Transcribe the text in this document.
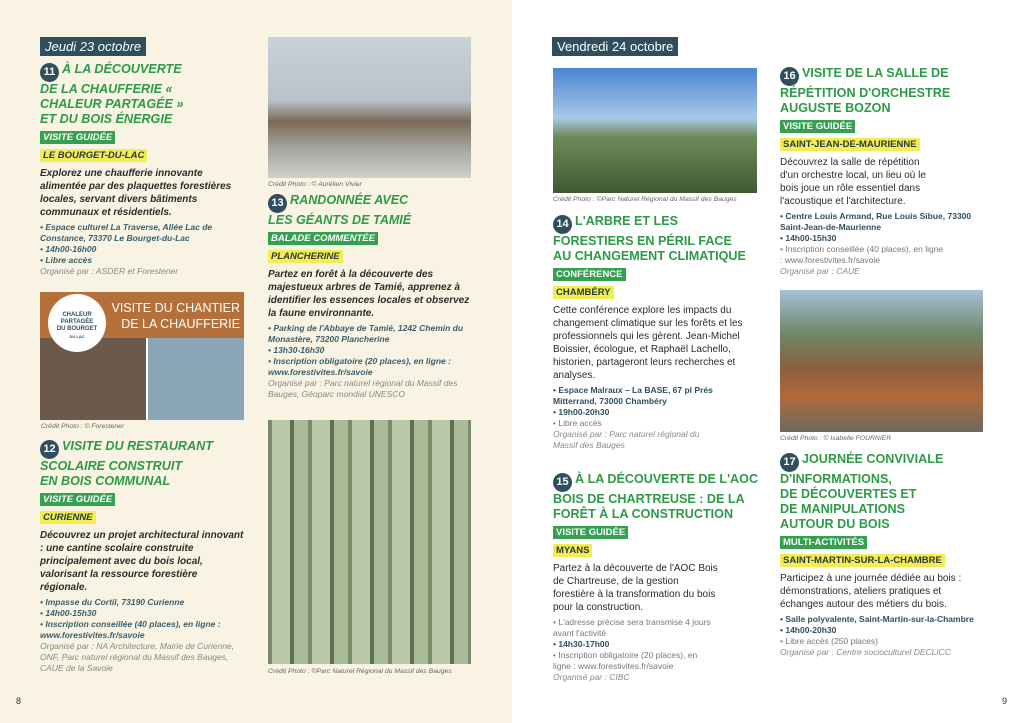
Jeudi 23 octobre
11 À LA DÉCOUVERTE
DE LA CHAUFFERIE «
CHALEUR PARTAGÉE »
ET DU BOIS ÉNERGIE
VISITE GUIDÉE
LE BOURGET-DU-LAC
Explorez une chaufferie innovante alimentée par des plaquettes forestières locales, servant divers bâtiments communaux et résidentiels.
• Espace culturel La Traverse, Allée Lac de Constance, 73370 Le Bourget-du-Lac
• 14h00-16h00
• Libre accès
Organisé par : ASDER et Forestener
CHALEUR
PARTAGÉE
DU BOURGET
DU LAC
VISITE DU CHANTIER DE LA CHAUFFERIE
Crédit Photo : © Forestener
12 VISITE DU RESTAURANT
SCOLAIRE CONSTRUIT
EN BOIS COMMUNAL
VISITE GUIDÉE
CURIENNE
Découvrez un projet architectural innovant : une cantine scolaire construite principalement avec du bois local, valorisant la ressource forestière régionale.
• Impasse du Cortil, 73190 Curienne
• 14h00-15h30
• Inscription conseillée (40 places), en ligne : www.forestivites.fr/savoie
Organisé par : NA Architecture, Mairie de Curienne, ONF, Parc naturel régional du Massif des Bauges, CAUE de la Savoie
Crédit Photo : © Aurélien Vivier
13 RANDONNÉE AVEC
LES GÉANTS DE TAMIÉ
BALADE COMMENTÉE
PLANCHERINE
Partez en forêt à la découverte des majestueux arbres de Tamié, apprenez à identifier les essences locales et observez la faune environnante.
• Parking de l'Abbaye de Tamié, 1242 Chemin du Monastère, 73200 Plancherine
• 13h30-16h30
• Inscription obligatoire (20 places), en ligne : www.forestivites.fr/savoie
Organisé par : Parc naturel régional du Massif des Bauges, Géoparc mondial UNESCO
Crédit Photo : ©Parc Naturel Régional du Massif des Bauges
8
Vendredi 24 octobre
Crédit Photo : ©Parc Naturel Régional du Massif des Bauges
14 L'ARBRE ET LES
FORESTIERS EN PÉRIL FACE
AU CHANGEMENT CLIMATIQUE
CONFÉRENCE
CHAMBÉRY
Cette conférence explore les impacts du changement climatique sur les forêts et les professionnels qui les gèrent. Jean-Michel Boissier, écologue, et Raphaël Lachello, historien, partageront leurs recherches et analyses.
• Espace Malraux – La BASE, 67 pl Prés Mitterrand, 73000 Chambéry
• 19h00-20h30
• Libre accès
Organisé par : Parc naturel régional du Massif des Bauges
15 À LA DÉCOUVERTE DE L'AOC
BOIS DE CHARTREUSE : DE LA
FORÊT À LA CONSTRUCTION
VISITE GUIDÉE
MYANS
Partez à la découverte de l'AOC Bois de Chartreuse, de la gestion forestière à la transformation du bois pour la construction.
• L'adresse précise sera transmise 4 jours avant l'activité
• 14h30-17h00
• Inscription obligatoire (20 places), en ligne : www.forestivites.fr/savoie
Organisé par : CIBC
16 VISITE DE LA SALLE DE
RÉPÉTITION D'ORCHESTRE
AUGUSTE BOZON
VISITE GUIDÉE
SAINT-JEAN-DE-MAURIENNE
Découvrez la salle de répétition d'un orchestre local, un lieu où le bois joue un rôle essentiel dans l'acoustique et l'architecture.
• Centre Louis Armand, Rue Louis Sibue, 73300 Saint-Jean-de-Maurienne
• 14h00-15h30
• Inscription conseillée (40 places), en ligne : www.forestivites.fr/savoie
Organisé par : CAUE
Crédit Photo : © Isabelle FOURNIER
17 JOURNÉE CONVIVIALE
D'INFORMATIONS,
DE DÉCOUVERTES ET
DE MANIPULATIONS
AUTOUR DU BOIS
MULTI-ACTIVITÉS
SAINT-MARTIN-SUR-LA-CHAMBRE
Participez à une journée dédiée au bois : démonstrations, ateliers pratiques et échanges autour des métiers du bois.
• Salle polyvalente, Saint-Martin-sur-la-Chambre
• 14h00-20h30
• Libre accès (250 places)
Organisé par : Centre socioculturel DECLICC
9
